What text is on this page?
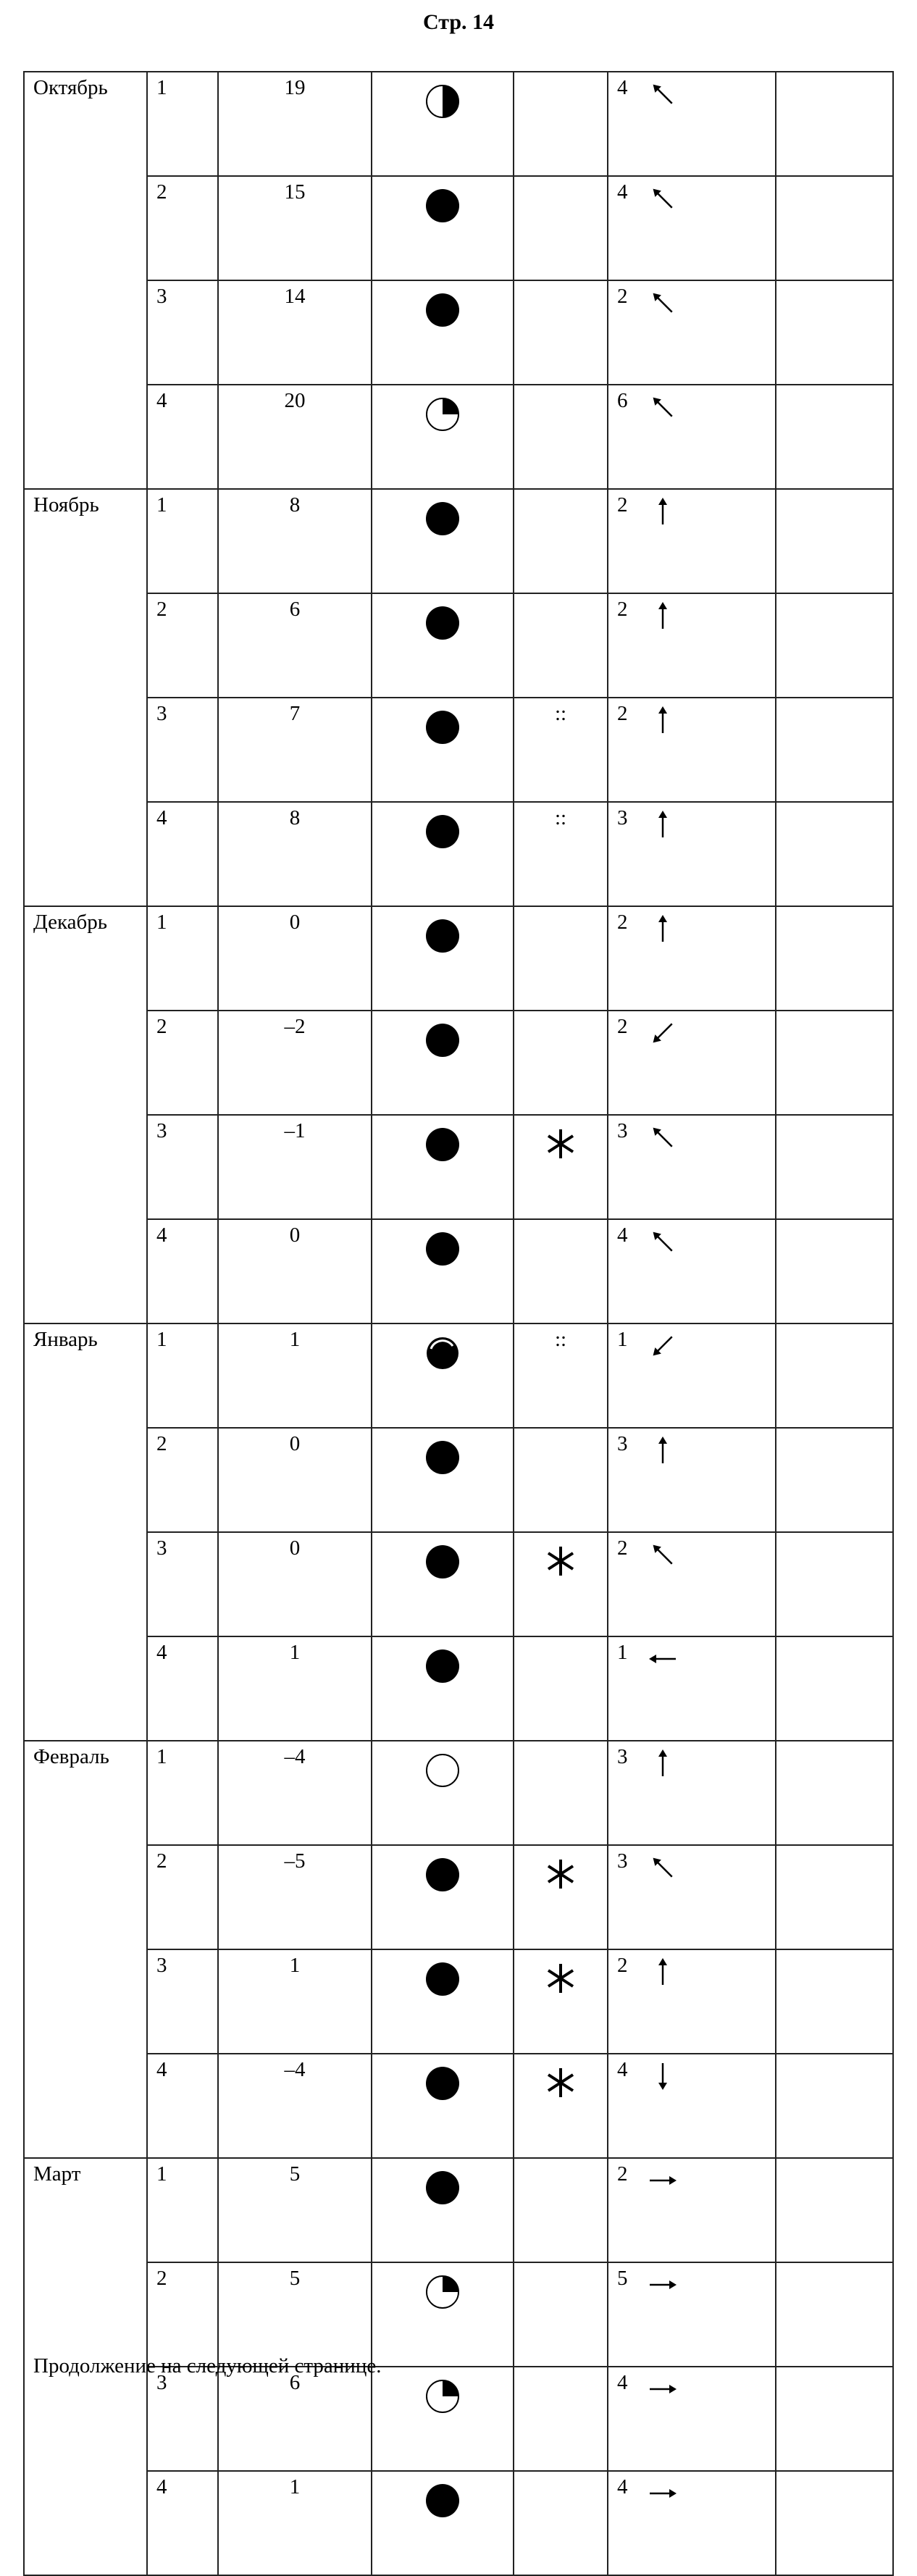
Стр. 14
Октябрь	1	19			4	
	2	15			4	
	3	14			2	
	4	20			6	
Ноябрь	1	8			2	
	2	6			2	
	3	7		::	2	
	4	8		::	3	
Декабрь	1	0			2	
	2	–2			2	
	3	–1			3	
	4	0			4	
Январь	1	1		::	1	
	2	0			3	
	3	0			2	
	4	1			1	
Февраль	1	–4			3	
	2	–5			3	
	3	1			2	
	4	–4			4	
Март	1	5			2	
	2	5			5	
	3	6			4	
	4	1			4	
Продолжение на следующей странице.
